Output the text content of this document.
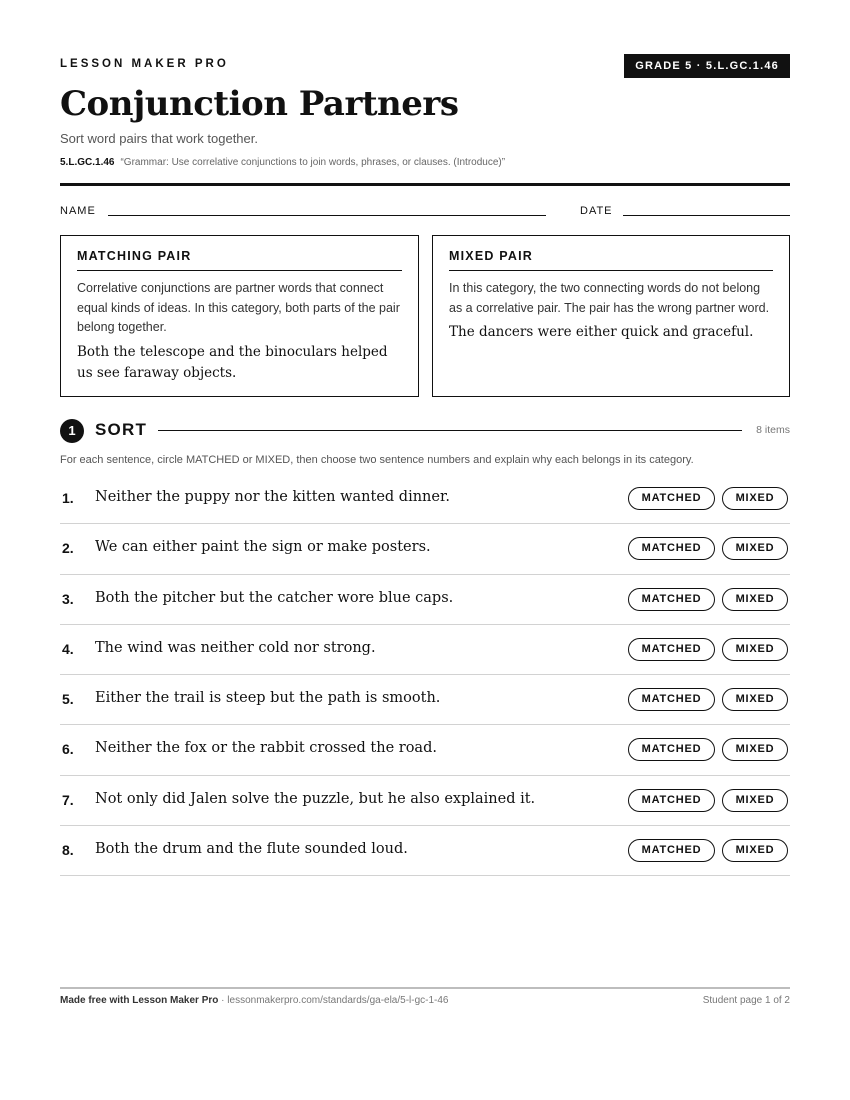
LESSON MAKER PRO	GRADE 5 · 5.L.GC.1.46
Conjunction Partners
Sort word pairs that work together.
5.L.GC.1.46 “Grammar: Use correlative conjunctions to join words, phrases, or clauses. (Introduce)”
NAME	DATE
MATCHING PAIR
Correlative conjunctions are partner words that connect equal kinds of ideas. In this category, both parts of the pair belong together.
Both the telescope and the binoculars helped us see faraway objects.
MIXED PAIR
In this category, the two connecting words do not belong as a correlative pair. The pair has the wrong partner word.
The dancers were either quick and graceful.
1	SORT	8 items
For each sentence, circle MATCHED or MIXED, then choose two sentence numbers and explain why each belongs in its category.
1. Neither the puppy nor the kitten wanted dinner.	MATCHED	MIXED
2. We can either paint the sign or make posters.	MATCHED	MIXED
3. Both the pitcher but the catcher wore blue caps.	MATCHED	MIXED
4. The wind was neither cold nor strong.	MATCHED	MIXED
5. Either the trail is steep but the path is smooth.	MATCHED	MIXED
6. Neither the fox or the rabbit crossed the road.	MATCHED	MIXED
7. Not only did Jalen solve the puzzle, but he also explained it.	MATCHED	MIXED
8. Both the drum and the flute sounded loud.	MATCHED	MIXED
Made free with Lesson Maker Pro · lessonmakerpro.com/standards/ga-ela/5-l-gc-1-46	Student page 1 of 2
